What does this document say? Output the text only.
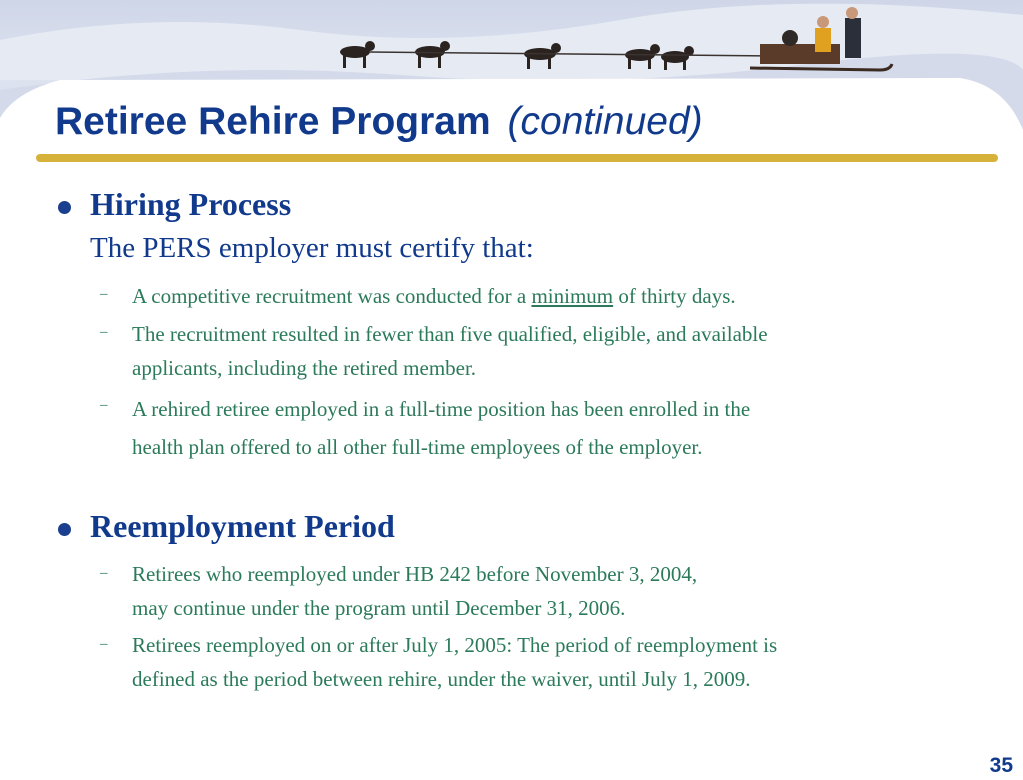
Retiree Rehire Program (continued)
Hiring Process
The PERS employer must certify that:
– A competitive recruitment was conducted for a minimum of thirty days.
– The recruitment resulted in fewer than five qualified, eligible, and available
applicants, including the retired member.
– A rehired retiree employed in a full-time position has been enrolled in the
health plan offered to all other full-time employees of the employer.
Reemployment Period
– Retirees who reemployed under HB 242 before November 3, 2004,
may continue under the program until December 31, 2006.
– Retirees reemployed on or after July 1, 2005: The period of reemployment is
defined as the period between rehire, under the waiver, until July 1, 2009.
35
